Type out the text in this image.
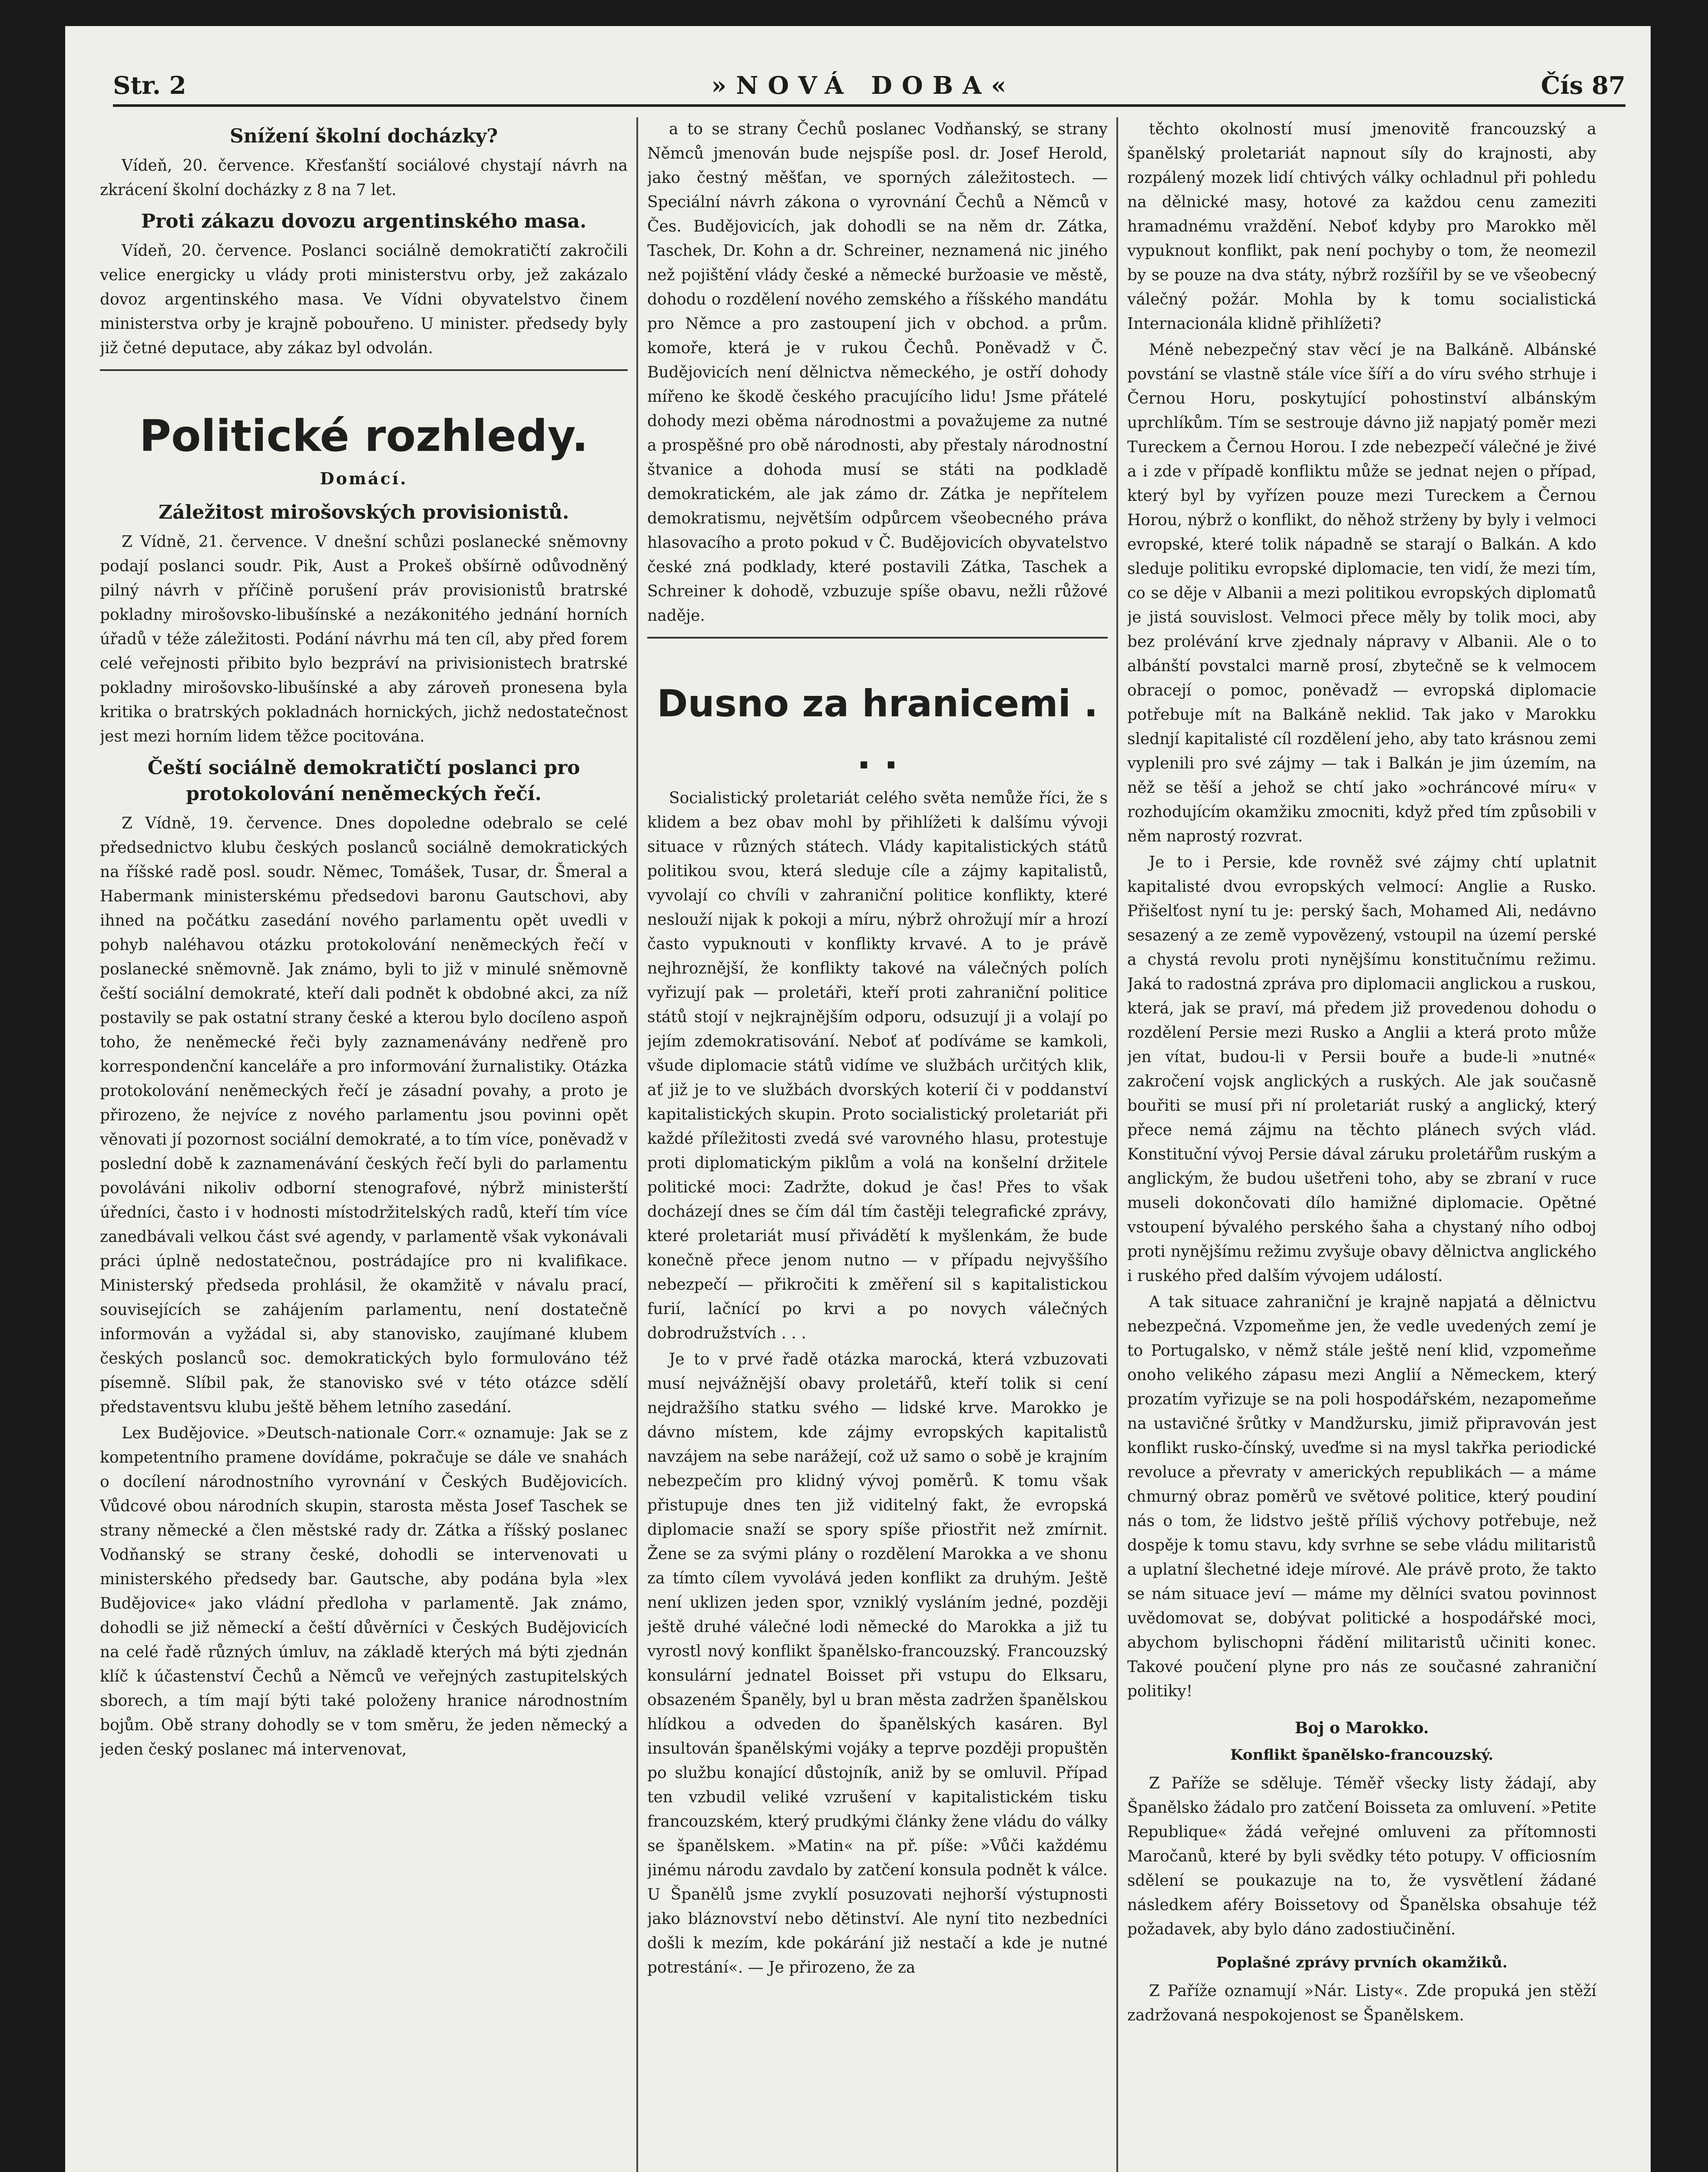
Str. 2	»NOVÁ DOBA«	Čís 87
Snížení školní docházky?

Vídeň, 20. července. Křesťanští sociálové chystají návrh na zkrácení školní docházky z 8 na 7 let.

Proti zákazu dovozu argentinského masa.

Vídeň, 20. července. Poslanci sociálně demokratičtí zakročili velice energicky u vlády proti ministerstvu orby, jež zakázalo dovoz argentinského masa. Ve Vídni obyvatelstvo činem ministerstva orby je krajně pobouřeno. U minister. předsedy byly již četné deputace, aby zákaz byl odvolán.

Politické rozhledy.
Domácí.
Záležitost mirošovských provisionistů.

Z Vídně, 21. července. V dnešní schůzi poslanecké sněmovny podají poslanci soudr. Pik, Aust a Prokeš obšírně odůvodněný pilný návrh v příčině porušení práv provisionistů bratrské pokladny mirošovsko-libušínské a nezákonitého jednání horních úřadů v téže záležitosti. Podání návrhu má ten cíl, aby před forem celé veřejnosti přibito bylo bezpráví na privisionistech bratrské pokladny mirošovsko-libušínské a aby zároveň pronesena byla kritika o bratrských pokladnách hornických, jichž nedostatečnost jest mezi horním lidem těžce pocitována.

Čeští sociálně demokratičtí poslanci pro protokolování neněmeckých řečí.

Z Vídně, 19. července. Dnes dopoledne odebralo se celé předsednictvo klubu českých poslanců sociálně demokratických na říšské radě posl. soudr. Němec, Tomášek, Tusar, dr. Šmeral a Habermank ministerskému předsedovi baronu Gautschovi, aby ihned na počátku zasedání nového parlamentu opět uvedli v pohyb naléhavou otázku protokolování neněmeckých řečí v poslanecké sněmovně. Jak známo, byli to již v minulé sněmovně čeští sociální demokraté, kteří dali podnět k obdobné akci, za níž postavily se pak ostatní strany české a kterou bylo docíleno aspoň toho, že neněmecké řeči byly zaznamenávány nedřeně pro korrespondenční kanceláře a pro informování žurnalistiky. Otázka protokolování neněmeckých řečí je zásadní povahy, a proto je přirozeno, že nejvíce z nového parlamentu jsou povinni opět věnovati jí pozornost sociální demokraté, a to tím více, poněvadž v poslední době k zaznamenávání českých řečí byli do parlamentu povoláváni nikoliv odborní stenografové, nýbrž ministerští úředníci, často i v hodnosti místodržitelských radů, kteří tím více zanedbávali velkou část své agendy, v parlamentě však vykonávali práci úplně nedostatečnou, postrádajíce pro ni kvalifikace. Ministerský předseda prohlásil, že okamžitě v návalu prací, souvisejících se zahájením parlamentu, není dostatečně informován a vyžádal si, aby stanovisko, zaujímané klubem českých poslanců soc. demokratických bylo formulováno též písemně. Slíbil pak, že stanovisko své v této otázce sdělí představentsvu klubu ještě během letního zasedání.

Lex Budějovice. »Deutsch-nationale Corr.« oznamuje: Jak se z kompetentního pramene dovídáme, pokračuje se dále ve snahách o docílení národnostního vyrovnání v Českých Budějovicích. Vůdcové obou národních skupin, starosta města Josef Taschek se strany německé a člen městské rady dr. Zátka a říšský poslanec Vodňanský se strany české, dohodli se intervenovati u ministerského předsedy bar. Gautsche, aby podána byla »lex Budějovice« jako vládní předloha v parlamentě. Jak známo, dohodli se již německí a čeští důvěrníci v Českých Budějovicích na celé řadě různých úmluv, na základě kterých má býti zjednán klíč k účastenství Čechů a Němců ve veřejných zastupitelských sborech, a tím mají býti také položeny hranice národnostním bojům. Obě strany dohodly se v tom směru, že jeden německý a jeden český poslanec má intervenovat,

a to se strany Čechů poslanec Vodňanský, se strany Němců jmenován bude nejspíše posl. dr. Josef Herold, jako čestný měšťan, ve sporných záležitostech. — Speciální návrh zákona o vyrovnání Čechů a Němců v Čes. Budějovicích, jak dohodli se na něm dr. Zátka, Taschek, Dr. Kohn a dr. Schreiner, neznamená nic jiného než pojištění vlády české a německé buržoasie ve městě, dohodu o rozdělení nového zemského a říšského mandátu pro Němce a pro zastoupení jich v obchod. a prům. komoře, která je v rukou Čechů. Poněvadž v Č. Budějovicích není dělnictva německého, je ostří dohody mířeno ke škodě českého pracujícího lidu! Jsme přátelé dohody mezi oběma národnostmi a považujeme za nutné a prospěšné pro obě národnosti, aby přestaly národnostní štvanice a dohoda musí se státi na podkladě demokratickém, ale jak zámo dr. Zátka je nepřítelem demokratismu, největším odpůrcem všeobecného práva hlasovacího a proto pokud v Č. Budějovicích obyvatelstvo české zná podklady, které postavili Zátka, Taschek a Schreiner k dohodě, vzbuzuje spíše obavu, nežli růžové naděje.

Dusno za hranicemi . . .

Socialistický proletariát celého světa nemůže říci, že s klidem a bez obav mohl by přihlížeti k dalšímu vývoji situace v různých státech. Vlády kapitalistických států politikou svou, která sleduje cíle a zájmy kapitalistů, vyvolají co chvíli v zahraniční politice konflikty, které neslouží nijak k pokoji a míru, nýbrž ohrožují mír a hrozí často vypuknouti v konflikty krvavé. A to je právě nejhroznější, že konflikty takové na válečných polích vyřizují pak — proletáři, kteří proti zahraniční politice států stojí v nejkrajnějším odporu, odsuzují ji a volají po jejím zdemokratisování. Neboť ať podíváme se kamkoli, všude diplomacie států vidíme ve službách určitých klik, ať již je to ve službách dvorských koterií či v poddanství kapitalistických skupin. Proto socialistický proletariát při každé příležitosti zvedá své varovného hlasu, protestuje proti diplomatickým piklům a volá na konšelní držitele politické moci: Zadržte, dokud je čas! Přes to však docházejí dnes se čím dál tím častěji telegrafické zprávy, které proletariát musí přivádětí k myšlenkám, že bude konečně přece jenom nutno — v případu nejvyššího nebezpečí — přikročiti k změření sil s kapitalistickou furií, lačnící po krvi a po novych válečných dobrodružstvích . . .

Je to v prvé řadě otázka marocká, která vzbuzovati musí nejvážnější obavy proletářů, kteří tolik si cení nejdražšího statku svého — lidské krve. Marokko je dávno místem, kde zájmy evropských kapitalistů navzájem na sebe narážejí, což už samo o sobě je krajním nebezpečím pro klidný vývoj poměrů. K tomu však přistupuje dnes ten již viditelný fakt, že evropská diplomacie snaží se spory spíše přiostřit než zmírnit. Žene se za svými plány o rozdělení Marokka a ve shonu za tímto cílem vyvolává jeden konflikt za druhým. Ještě není uklizen jeden spor, vzniklý vysláním jedné, později ještě druhé válečné lodi německé do Marokka a již tu vyrostl nový konflikt španělsko-francouzský. Francouzský konsulární jednatel Boisset při vstupu do Elksaru, obsazeném Španěly, byl u bran města zadržen španělskou hlídkou a odveden do španělských kasáren. Byl insultován španělskými vojáky a teprve později propuštěn po službu konající důstojník, aniž by se omluvil. Případ ten vzbudil veliké vzrušení v kapitalistickém tisku francouzském, který prudkými články žene vládu do války se španělskem. »Matin« na př. píše: »Vůči každému jinému národu zavdalo by zatčení konsula podnět k válce. U Španělů jsme zvyklí posuzovati nejhorší výstupnosti jako bláznovství nebo dětinství. Ale nyní tito nezbedníci došli k mezím, kde pokárání již nestačí a kde je nutné potrestání«. — Je přirozeno, že za

těchto okolností musí jmenovitě francouzský a španělský proletariát napnout síly do krajnosti, aby rozpálený mozek lidí chtivých války ochladnul při pohledu na dělnické masy, hotové za každou cenu zameziti hramadnému vraždění. Neboť kdyby pro Marokko měl vypuknout konflikt, pak není pochyby o tom, že neomezil by se pouze na dva státy, nýbrž rozšířil by se ve všeobecný válečný požár. Mohla by k tomu socialistická Internacionála klidně přihlížeti?

Méně nebezpečný stav věcí je na Balkáně. Albánské povstání se vlastně stále více šíří a do víru svého strhuje i Černou Horu, poskytující pohostinství albánským uprchlíkům. Tím se sestrouje dávno již napjatý poměr mezi Tureckem a Černou Horou. I zde nebezpečí válečné je živé a i zde v případě konfliktu může se jednat nejen o případ, který byl by vyřízen pouze mezi Tureckem a Černou Horou, nýbrž o konflikt, do něhož strženy by byly i velmoci evropské, které tolik nápadně se starají o Balkán. A kdo sleduje politiku evropské diplomacie, ten vidí, že mezi tím, co se děje v Albanii a mezi politikou evropských diplomatů je jistá souvislost. Velmoci přece měly by tolik moci, aby bez prolévání krve zjednaly nápravy v Albanii. Ale o to albánští povstalci marně prosí, zbytečně se k velmocem obracejí o pomoc, poněvadž — evropská diplomacie potřebuje mít na Balkáně neklid. Tak jako v Marokku slednjí kapitalisté cíl rozdělení jeho, aby tato krásnou zemi vyplenili pro své zájmy — tak i Balkán je jim územím, na něž se těší a jehož se chtí jako »ochráncové míru« v rozhodujícím okamžiku zmocniti, když před tím způsobili v něm naprostý rozvrat.

Je to i Persie, kde rovněž své zájmy chtí uplatnit kapitalisté dvou evropských velmocí: Anglie a Rusko. Přišelťost nyní tu je: perský šach, Mohamed Ali, nedávno sesazený a ze země vypovězený, vstoupil na území perské a chystá revolu proti nynějšímu konstitučnímu režimu. Jaká to radostná zpráva pro diplomacii anglickou a ruskou, která, jak se praví, má předem již provedenou dohodu o rozdělení Persie mezi Rusko a Anglii a která proto může jen vítat, budou-li v Persii bouře a bude-li »nutné« zakročení vojsk anglických a ruských. Ale jak současně bouřiti se musí při ní proletariát ruský a anglický, který přece nemá zájmu na těchto plánech svých vlád. Konstituční vývoj Persie dával záruku proletářům ruským a anglickým, že budou ušetřeni toho, aby se zbraní v ruce museli dokončovati dílo hamižné diplomacie. Opětné vstoupení bývalého perského šaha a chystaný ního odboj proti nynějšímu režimu zvyšuje obavy dělnictva anglického i ruského před dalším vývojem událostí.

A tak situace zahraniční je krajně napjatá a dělnictvu nebezpečná. Vzpomeňme jen, že vedle uvedených zemí je to Portugalsko, v němž stále ještě není klid, vzpomeňme onoho velikého zápasu mezi Anglií a Německem, který prozatím vyřizuje se na poli hospodářském, nezapomeňme na ustavičné šrůtky v Mandžursku, jimiž připravován jest konflikt rusko-čínský, uveďme si na mysl takřka periodické revoluce a převraty v amerických republikách — a máme chmurný obraz poměrů ve světové politice, který poudiní nás o tom, že lidstvo ještě příliš výchovy potřebuje, než dospěje k tomu stavu, kdy svrhne se sebe vládu militaristů a uplatní šlechetné ideje mírové. Ale právě proto, že takto se nám situace jeví — máme my dělníci svatou povinnost uvědomovat se, dobývat politické a hospodářské moci, abychom bylischopni řádění militaristů učiniti konec. Takové poučení plyne pro nás ze současné zahraniční politiky!

Boj o Marokko.

Konflikt španělsko-francouzský.

Z Paříže se sděluje. Téměř všecky listy žádají, aby Španělsko žádalo pro zatčení Boisseta za omluvení. »Petite Republique« žádá veřejné omluveni za přítomnosti Maročanů, které by byli svědky této potupy. V officiosním sdělení se poukazuje na to, že vysvětlení žádané následkem aféry Boissetovy od Španělska obsahuje též požadavek, aby bylo dáno zadostiučinění.

Poplašné zprávy prvních okamžiků.

Z Paříže oznamují »Nár. Listy«. Zde propuká jen stěží zadržovaná nespokojenost se Španělskem.
